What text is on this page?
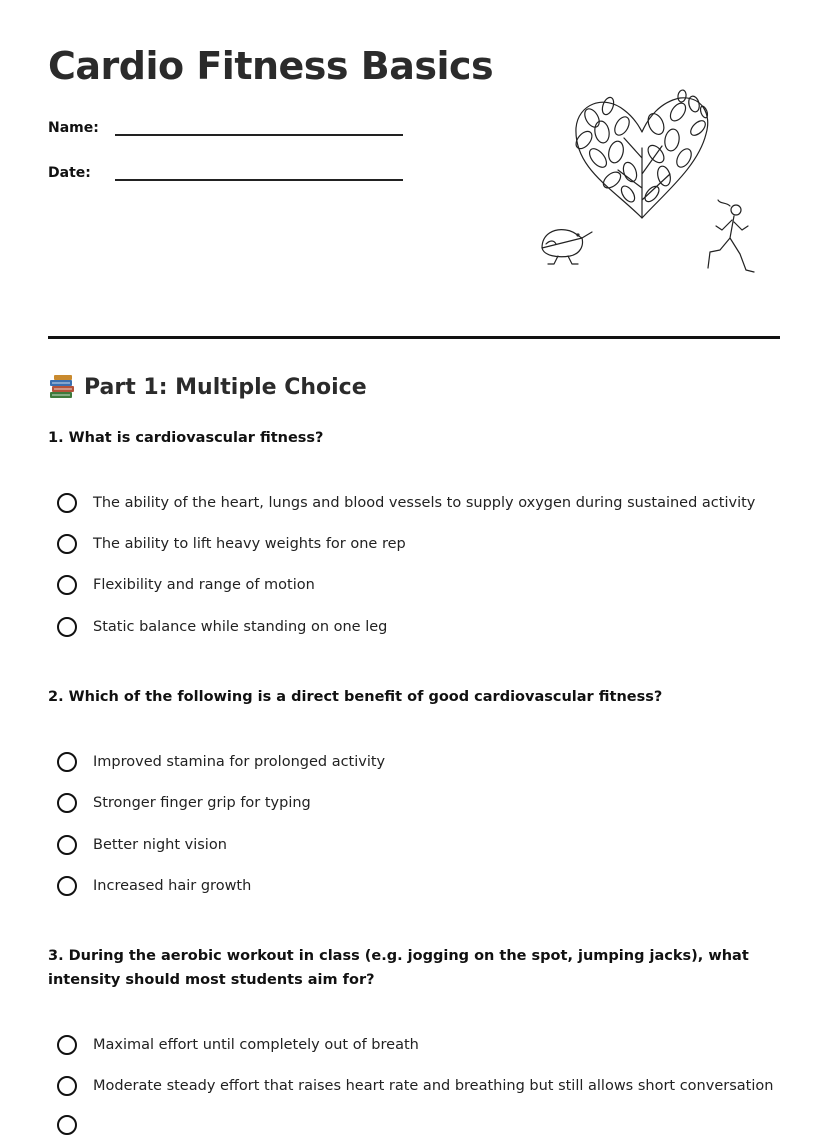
Cardio Fitness Basics
Name:
Date:
Part 1: Multiple Choice

1. What is cardiovascular fitness?

The ability of the heart, lungs and blood vessels to supply oxygen during sustained activity
The ability to lift heavy weights for one rep
Flexibility and range of motion
Static balance while standing on one leg

2. Which of the following is a direct benefit of good cardiovascular fitness?

Improved stamina for prolonged activity
Stronger finger grip for typing
Better night vision
Increased hair growth

3. During the aerobic workout in class (e.g. jogging on the spot, jumping jacks), what intensity should most students aim for?

Maximal effort until completely out of breath
Moderate steady effort that raises heart rate and breathing but still allows short conversation
